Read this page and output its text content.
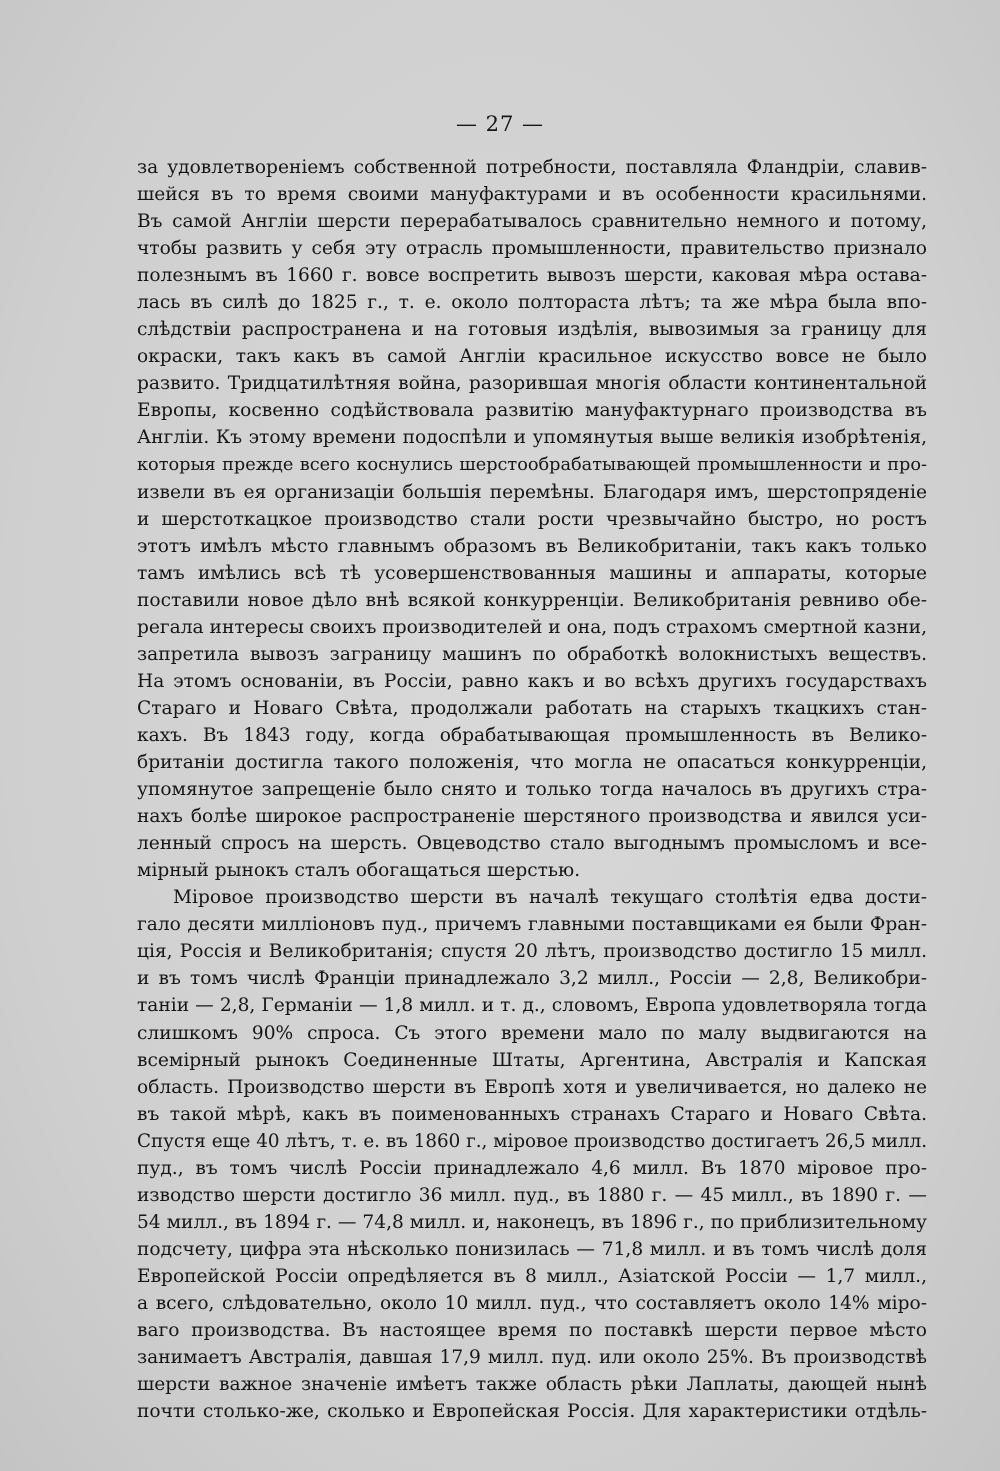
— 27 —
за удовлетвореніемъ собственной потребности, поставляла Фландріи, славив-
шейся въ то время своими мануфактурами и въ особенности красильнями.
Въ самой Англіи шерсти перерабатывалось сравнительно немного и потому,
чтобы развить у себя эту отрасль промышленности, правительство признало
полезнымъ въ 1660 г. вовсе воспретить вывозъ шерсти, каковая мѣра остава-
лась въ силѣ до 1825 г., т. е. около полтораста лѣтъ; та же мѣра была впо-
слѣдствіи распространена и на готовыя издѣлія, вывозимыя за границу для
окраски, такъ какъ въ самой Англіи красильное искусство вовсе не было
развито. Тридцатилѣтняя война, разорившая многія области континентальной
Европы, косвенно содѣйствовала развитію мануфактурнаго производства въ
Англіи. Къ этому времени подоспѣли и упомянутыя выше великія изобрѣтенія,
которыя прежде всего коснулись шерстообрабатывающей промышленности и про-
извели въ ея организаціи большія перемѣны. Благодаря имъ, шерстопряденіе
и шерстоткацкое производство стали рости чрезвычайно быстро, но ростъ
этотъ имѣлъ мѣсто главнымъ образомъ въ Великобританіи, такъ какъ только
тамъ имѣлись всѣ тѣ усовершенствованныя машины и аппараты, которые
поставили новое дѣло внѣ всякой конкурренціи. Великобританія ревниво обе-
регала интересы своихъ производителей и она, подъ страхомъ смертной казни,
запретила вывозъ заграницу машинъ по обработкѣ волокнистыхъ веществъ.
На этомъ основаніи, въ Россіи, равно какъ и во всѣхъ другихъ государствахъ
Стараго и Новаго Свѣта, продолжали работать на старыхъ ткацкихъ стан-
кахъ. Въ 1843 году, когда обрабатывающая промышленность въ Велико-
британіи достигла такого положенія, что могла не опасаться конкурренціи,
упомянутое запрещеніе было снято и только тогда началось въ другихъ стра-
нахъ болѣе широкое распространеніе шерстяного производства и явился уси-
ленный спросъ на шерсть. Овцеводство стало выгоднымъ промысломъ и все-
мірный рынокъ сталъ обогащаться шерстью.
Міровое производство шерсти въ началѣ текущаго столѣтія едва дости-
гало десяти милліоновъ пуд., причемъ главными поставщиками ея были Фран-
ція, Россія и Великобританія; спустя 20 лѣтъ, производство достигло 15 милл.
и въ томъ числѣ Франціи принадлежало 3,2 милл., Россіи — 2,8, Великобри-
таніи — 2,8, Германіи — 1,8 милл. и т. д., словомъ, Европа удовлетворяла тогда
слишкомъ 90% спроса. Съ этого времени мало по малу выдвигаются на
всемірный рынокъ Соединенные Штаты, Аргентина, Австралія и Капская
область. Производство шерсти въ Европѣ хотя и увеличивается, но далеко не
въ такой мѣрѣ, какъ въ поименованныхъ странахъ Стараго и Новаго Свѣта.
Спустя еще 40 лѣтъ, т. е. въ 1860 г., міровое производство достигаетъ 26,5 милл.
пуд., въ томъ числѣ Россіи принадлежало 4,6 милл. Въ 1870 міровое про-
изводство шерсти достигло 36 милл. пуд., въ 1880 г. — 45 милл., въ 1890 г. —
54 милл., въ 1894 г. — 74,8 милл. и, наконецъ, въ 1896 г., по приблизительному
подсчету, цифра эта нѣсколько понизилась — 71,8 милл. и въ томъ числѣ доля
Европейской Россіи опредѣляется въ 8 милл., Азіатской Россіи — 1,7 милл.,
а всего, слѣдовательно, около 10 милл. пуд., что составляетъ около 14% міро-
ваго производства. Въ настоящее время по поставкѣ шерсти первое мѣсто
занимаетъ Австралія, давшая 17,9 милл. пуд. или около 25%. Въ производствѣ
шерсти важное значеніе имѣетъ также область рѣки Лаплаты, дающей нынѣ
почти столько-же, сколько и Европейская Россія. Для характеристики отдѣль-
